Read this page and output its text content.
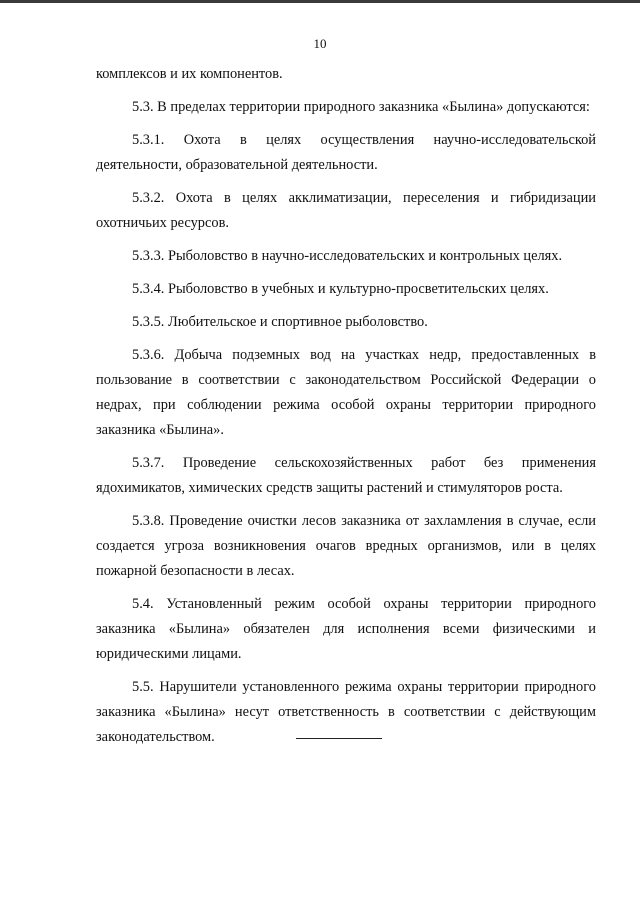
10

комплексов и их компонентов.

5.3. В пределах территории природного заказника «Былина» допускаются:

5.3.1. Охота в целях осуществления научно-исследовательской деятельности, образовательной деятельности.

5.3.2. Охота в целях акклиматизации, переселения и гибридизации охотничьих ресурсов.

5.3.3. Рыболовство в научно-исследовательских и контрольных целях.

5.3.4. Рыболовство в учебных и культурно-просветительских целях.

5.3.5. Любительское и спортивное рыболовство.

5.3.6. Добыча подземных вод на участках недр, предоставленных в пользование в соответствии с законодательством Российской Федерации о недрах, при соблюдении режима особой охраны территории природного заказника «Былина».

5.3.7. Проведение сельскохозяйственных работ без применения ядохимикатов, химических средств защиты растений и стимуляторов роста.

5.3.8. Проведение очистки лесов заказника от захламления в случае, если создается угроза возникновения очагов вредных организмов, или в целях пожарной безопасности в лесах.

5.4. Установленный режим особой охраны территории природного заказника «Былина» обязателен для исполнения всеми физическими и юридическими лицами.

5.5. Нарушители установленного режима охраны территории природного заказника «Былина» несут ответственность в соответствии с действующим законодательством.
